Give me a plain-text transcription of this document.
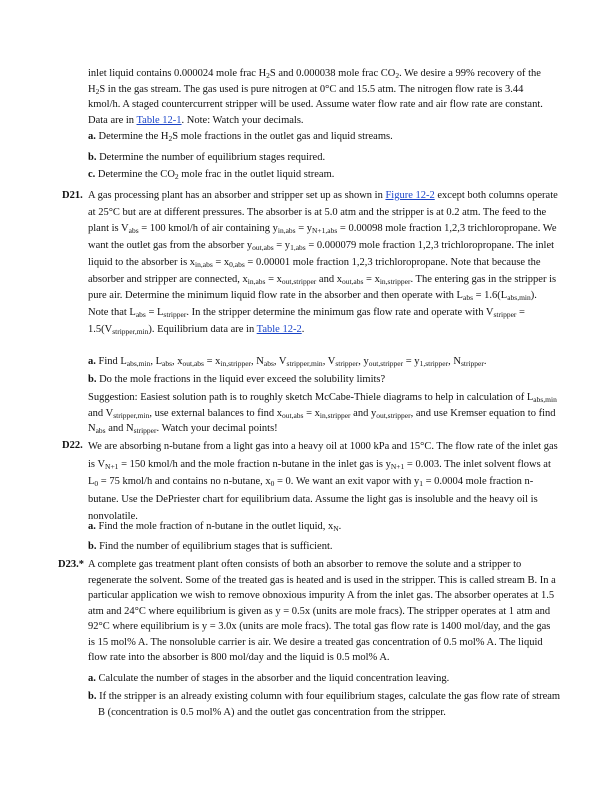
inlet liquid contains 0.000024 mole frac $H_2S$ and 0.000038 mole frac $CO_2$. We desire a 99% recovery of the $H_2S$ in the gas stream. The gas used is pure nitrogen at 0°C and 15.5 atm. The nitrogen flow rate is 3.44 kmol/h. A staged countercurrent stripper will be used. Assume water flow rate and air flow rate are constant. Data are in Table 12-1. Note: Watch your decimals.
a. Determine the $H_2S$ mole fractions in the outlet gas and liquid streams.
b. Determine the number of equilibrium stages required.
c. Determine the $CO_2$ mole frac in the outlet liquid stream.
D21. A gas processing plant has an absorber and stripper set up as shown in Figure 12-2 except both columns operate at 25°C but are at different pressures. The absorber is at 5.0 atm and the stripper is at 0.2 atm. The feed to the plant is $V_{abs} = 100$ kmol/h of air containing $y_{in,abs} = y_{N+1,abs} = 0.00098$ mole fraction 1,2,3 trichloropropane. We want the outlet gas from the absorber $y_{out,abs} = y_{1,abs} = 0.000079$ mole fraction 1,2,3 trichloropropane. The inlet liquid to the absorber is $x_{in,abs} = x_{0,abs} = 0.00001$ mole fraction 1,2,3 trichloropropane. Note that because the absorber and stripper are connected, $x_{in,abs} = x_{out,stripper}$ and $x_{out,abs} = x_{in,stripper}$. The entering gas in the stripper is pure air. Determine the minimum liquid flow rate in the absorber and then operate with $L_{abs} = 1.6(L_{abs,min})$. Note that $L_{abs} = L_{stripper}$. In the stripper determine the minimum gas flow rate and operate with $V_{stripper} = 1.5(V_{stripper,min})$. Equilibrium data are in Table 12-2.
a. Find $L_{abs,min}$, $L_{abs}$, $x_{out,abs} = x_{in,stripper}$, $N_{abs}$, $V_{stripper,min}$, $V_{stripper}$, $y_{out,stripper} = y_{1,stripper}$, $N_{stripper}$.
b. Do the mole fractions in the liquid ever exceed the solubility limits?
Suggestion: Easiest solution path is to roughly sketch McCabe-Thiele diagrams to help in calculation of $L_{abs,min}$ and $V_{stripper,min}$, use external balances to find $x_{out,abs} = x_{in,stripper}$ and $y_{out,stripper}$, and use Kremser equation to find $N_{abs}$ and $N_{stripper}$. Watch your decimal points!
D22. We are absorbing n-butane from a light gas into a heavy oil at 1000 kPa and 15°C. The flow rate of the inlet gas is $V_{N+1} = 150$ kmol/h and the mole fraction n-butane in the inlet gas is $y_{N+1} = 0.003$. The inlet solvent flows at $L_0 = 75$ kmol/h and contains no n-butane, $x_0 = 0$. We want an exit vapor with $y_1 = 0.0004$ mole fraction n-butane. Use the DePriester chart for equilibrium data. Assume the light gas is insoluble and the heavy oil is nonvolatile.
a. Find the mole fraction of n-butane in the outlet liquid, $x_N$.
b. Find the number of equilibrium stages that is sufficient.
D23.* A complete gas treatment plant often consists of both an absorber to remove the solute and a stripper to regenerate the solvent. Some of the treated gas is heated and is used in the stripper. This is called stream B. In a particular application we wish to remove obnoxious impurity A from the inlet gas. The absorber operates at 1.5 atm and 24°C where equilibrium is given as y = 0.5x (units are mole fracs). The stripper operates at 1 atm and 92°C where equilibrium is y = 3.0x (units are mole fracs). The total gas flow rate is 1400 mol/day, and the gas is 15 mol% A. The nonsoluble carrier is air. We desire a treated gas concentration of 0.5 mol% A. The liquid flow rate into the absorber is 800 mol/day and the liquid is 0.5 mol% A.
a. Calculate the number of stages in the absorber and the liquid concentration leaving.
b. If the stripper is an already existing column with four equilibrium stages, calculate the gas flow rate of stream B (concentration is 0.5 mol% A) and the outlet gas concentration from the stripper.
